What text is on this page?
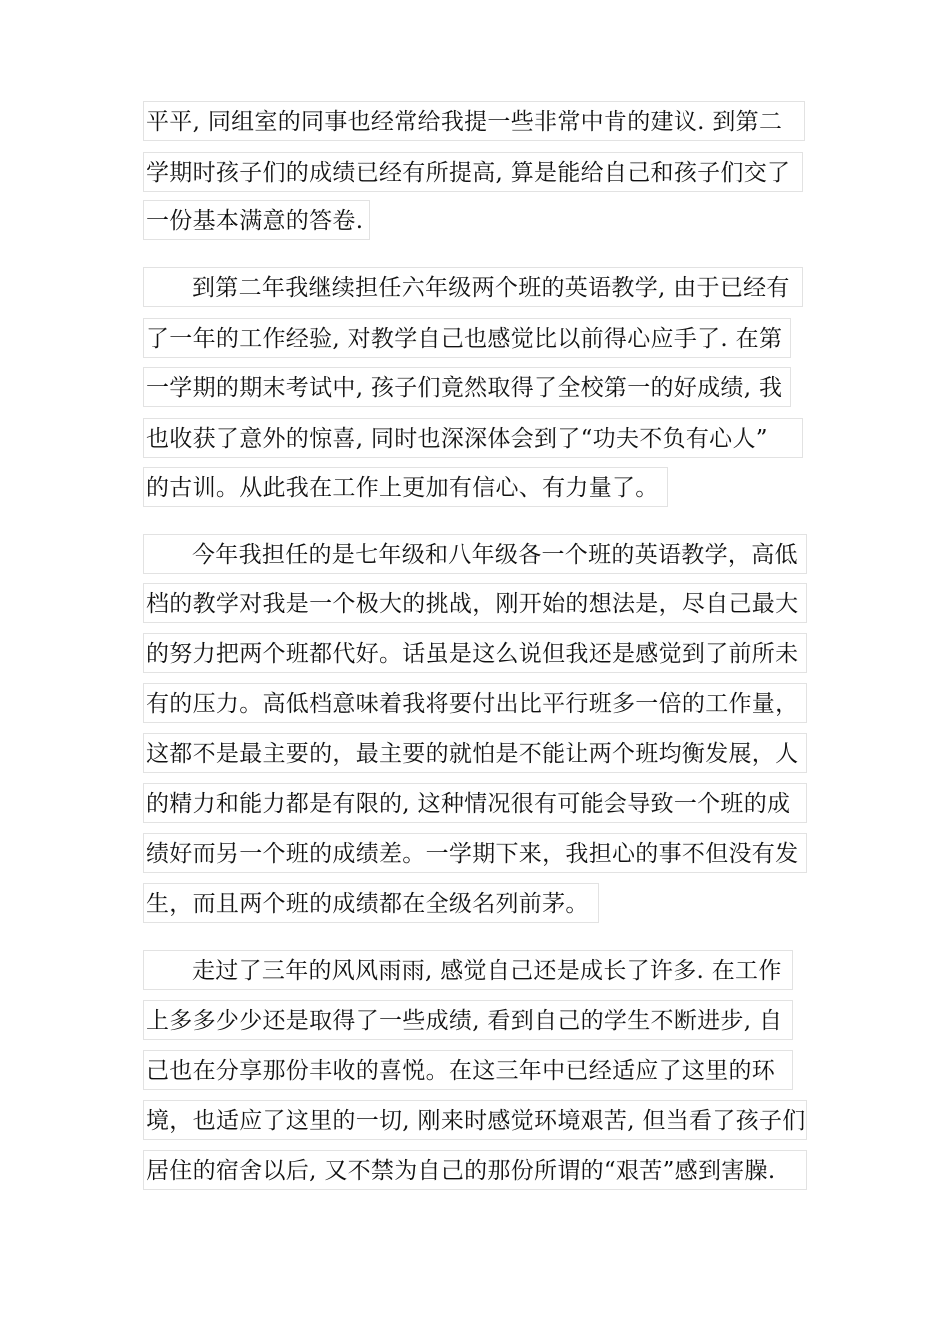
平平, 同组室的同事也经常给我提一些非常中肯的建议. 到第二
学期时孩子们的成绩已经有所提高, 算是能给自己和孩子们交了
一份基本满意的答卷.
到第二年我继续担任六年级两个班的英语教学, 由于已经有
了一年的工作经验, 对教学自己也感觉比以前得心应手了. 在第
一学期的期末考试中, 孩子们竟然取得了全校第一的好成绩, 我
也收获了意外的惊喜, 同时也深深体会到了“功夫不负有心人”
的古训。从此我在工作上更加有信心、有力量了。
今年我担任的是七年级和八年级各一个班的英语教学，高低
档的教学对我是一个极大的挑战，刚开始的想法是，尽自己最大
的努力把两个班都代好。话虽是这么说但我还是感觉到了前所未
有的压力。高低档意味着我将要付出比平行班多一倍的工作量，
这都不是最主要的，最主要的就怕是不能让两个班均衡发展，人
的精力和能力都是有限的, 这种情况很有可能会导致一个班的成
绩好而另一个班的成绩差。一学期下来，我担心的事不但没有发
生，而且两个班的成绩都在全级名列前茅。
走过了三年的风风雨雨, 感觉自己还是成长了许多. 在工作
上多多少少还是取得了一些成绩, 看到自己的学生不断进步, 自
己也在分享那份丰收的喜悦。在这三年中已经适应了这里的环
境，也适应了这里的一切, 刚来时感觉环境艰苦, 但当看了孩子们
居住的宿舍以后, 又不禁为自己的那份所谓的“艰苦”感到害臊.
